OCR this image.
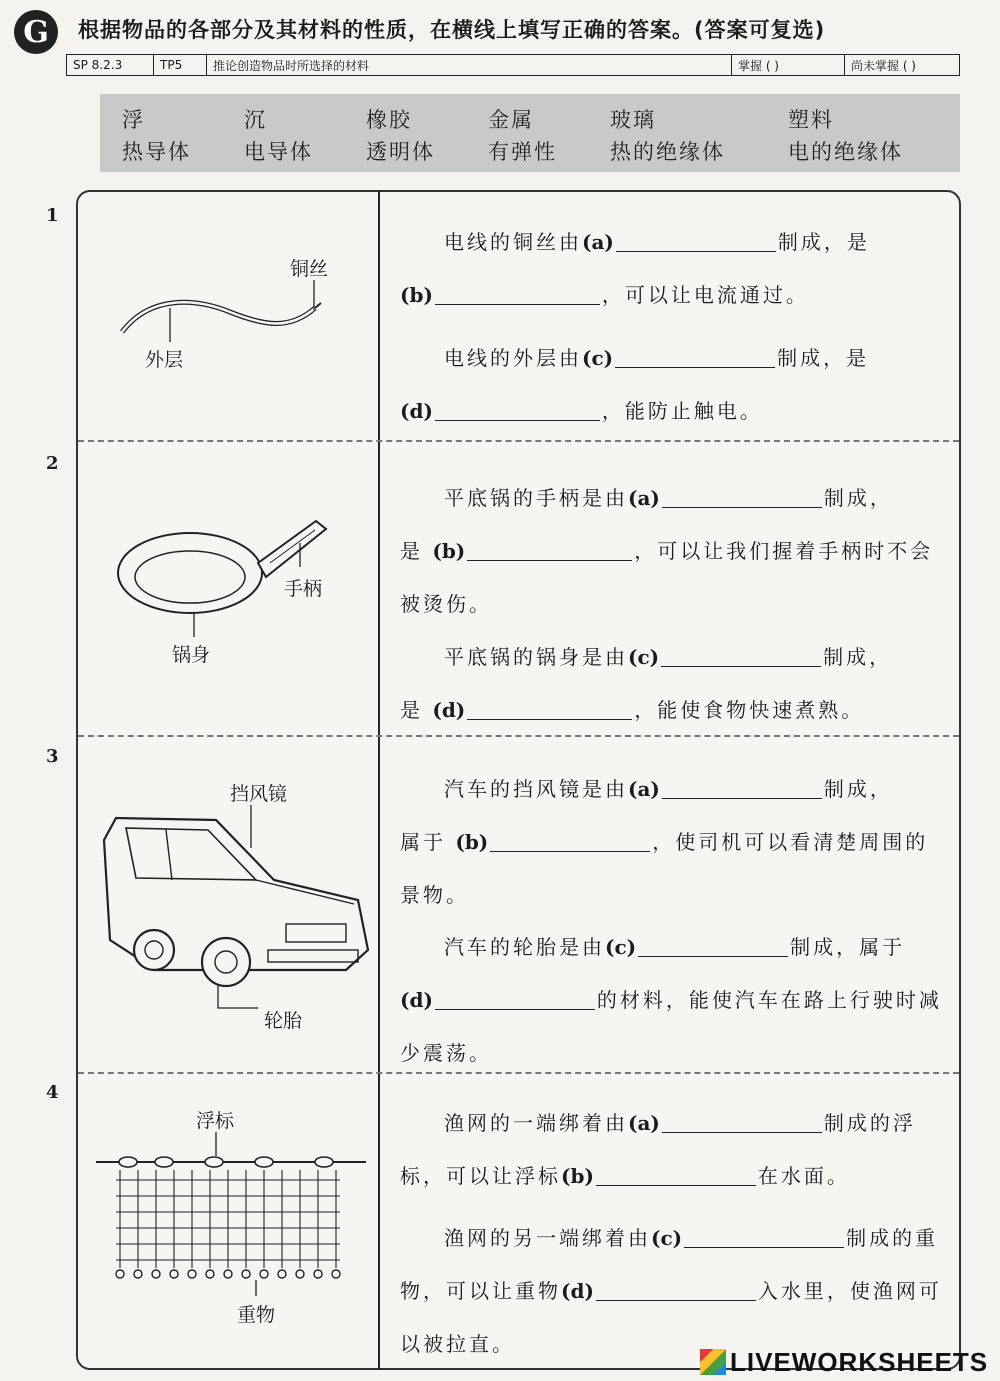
G	根据物品的各部分及其材料的性质，在横线上填写正确的答案。(答案可复选)
SP 8.2.3	TP5	推论创造物品时所选择的材料	掌握 ( )	尚未掌握 ( )
浮	沉	橡胶	金属	玻璃	塑料
热导体	电导体	透明体	有弹性	热的绝缘体	电的绝缘体
1
2
3
4
铜丝
外层
手柄
锅身
挡风镜
轮胎
浮标
重物
电线的铜丝由(a)	制成，是
(b)	，可以让电流通过。
电线的外层由(c)	制成，是
(d)	，能防止触电。
平底锅的手柄是由(a)	制成，
是 (b)	，可以让我们握着手柄时不会被烫伤。
平底锅的锅身是由(c)	制成，
是 (d)	，能使食物快速煮熟。
汽车的挡风镜是由(a)	制成，
属于 (b)	，使司机可以看清楚周围的景物。
汽车的轮胎是由(c)	制成，属于
(d)	的材料，能使汽车在路上行驶时减少震荡。
渔网的一端绑着由(a)	制成的浮标，可以让浮标(b)	在水面。
渔网的另一端绑着由(c)	制成的重物，可以让重物(d)	入水里，使渔网可以被拉直。
LIVEWORKSHEETS
